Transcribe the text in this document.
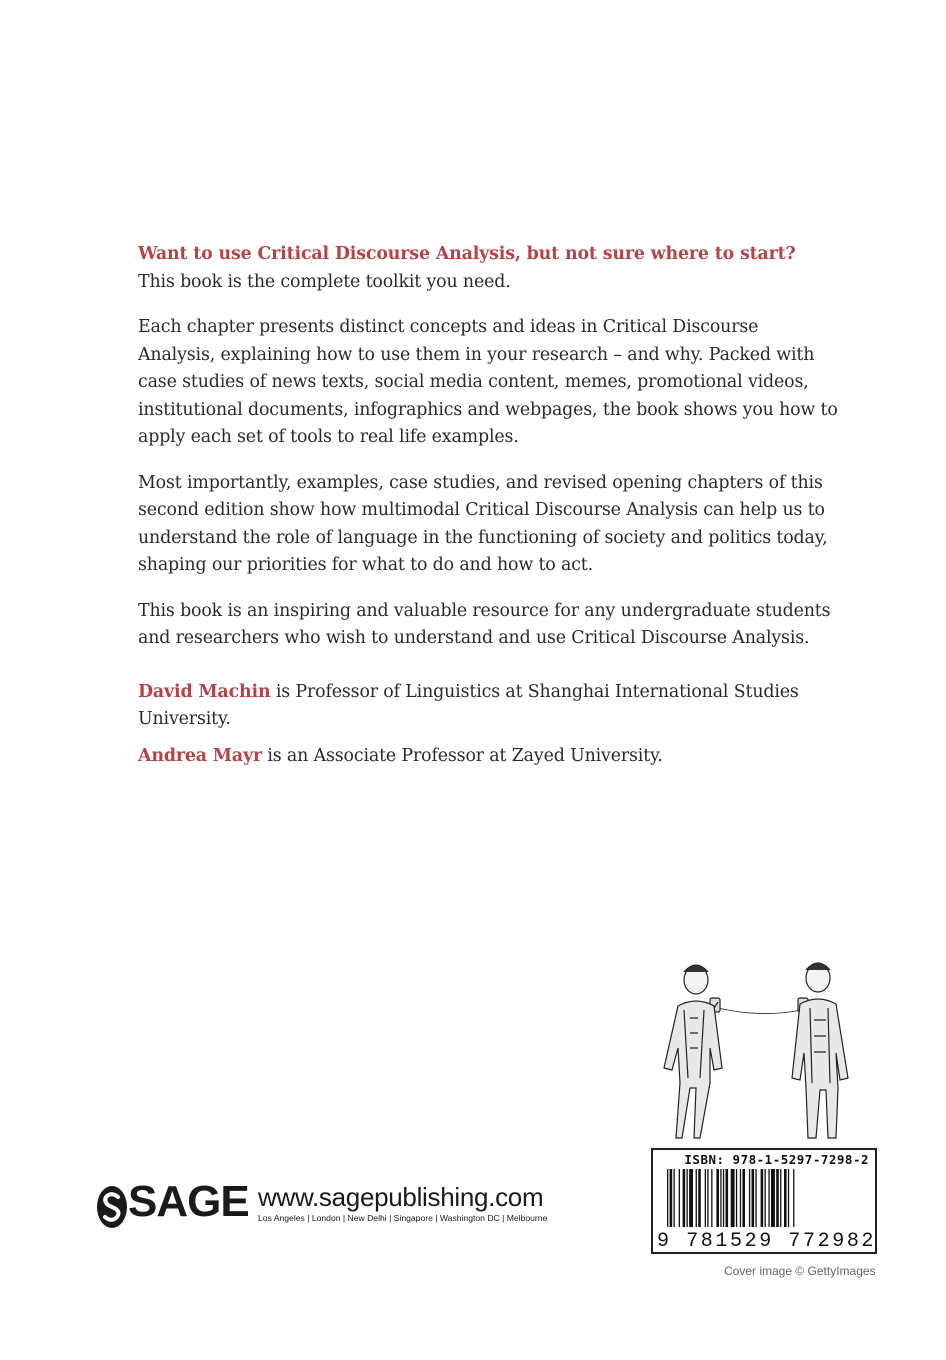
Want to use Critical Discourse Analysis, but not sure where to start?
This book is the complete toolkit you need.

Each chapter presents distinct concepts and ideas in Critical Discourse Analysis, explaining how to use them in your research – and why. Packed with case studies of news texts, social media content, memes, promotional videos, institutional documents, infographics and webpages, the book shows you how to apply each set of tools to real life examples.

Most importantly, examples, case studies, and revised opening chapters of this second edition show how multimodal Critical Discourse Analysis can help us to understand the role of language in the functioning of society and politics today, shaping our priorities for what to do and how to act.

This book is an inspiring and valuable resource for any undergraduate students and researchers who wish to understand and use Critical Discourse Analysis.

David Machin is Professor of Linguistics at Shanghai International Studies University.

Andrea Mayr is an Associate Professor at Zayed University.

ISBN: 978-1-5297-7298-2
9 781529 772982
Cover image © GettyImages
SAGE www.sagepublishing.com
Los Angeles | London | New Delhi | Singapore | Washington DC | Melbourne
